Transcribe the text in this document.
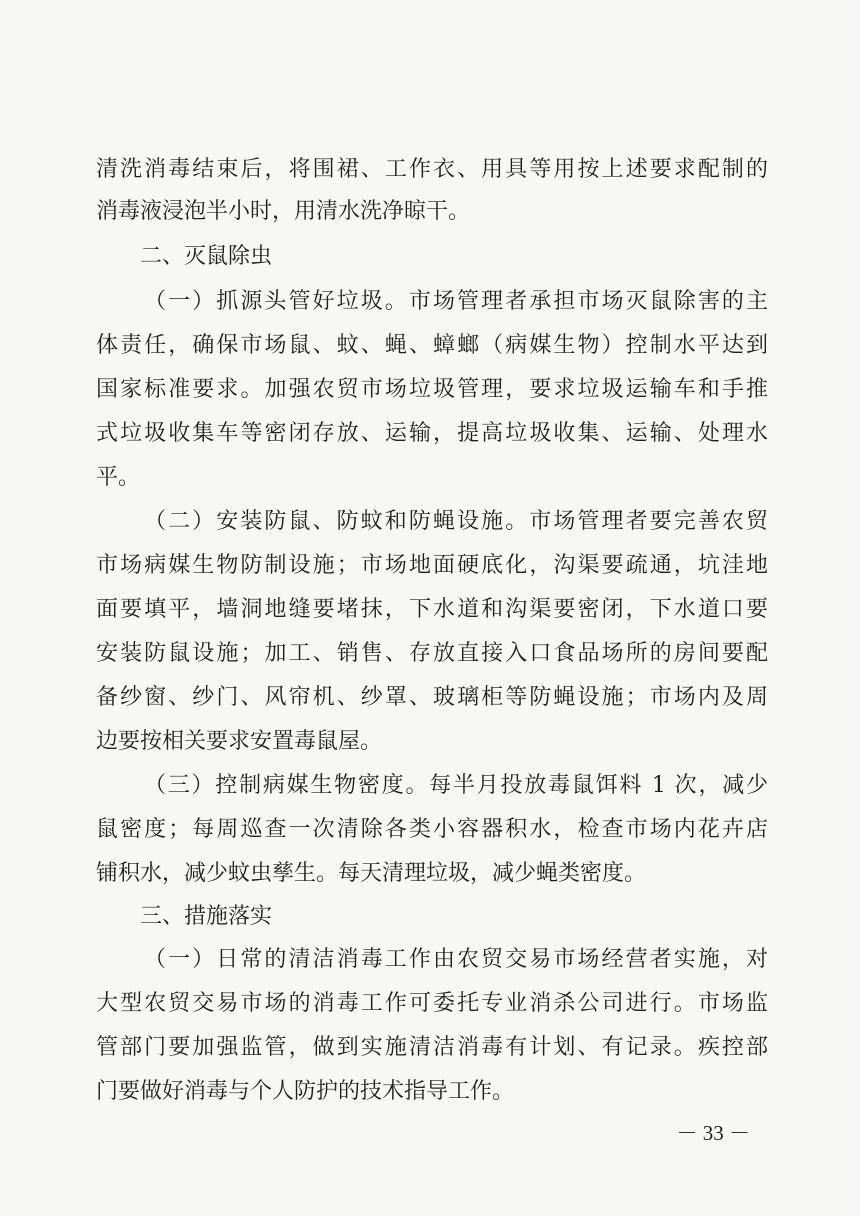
清洗消毒结束后，将围裙、工作衣、用具等用按上述要求配制的
消毒液浸泡半小时，用清水洗净晾干。
二、灭鼠除虫
（一）抓源头管好垃圾。市场管理者承担市场灭鼠除害的主
体责任，确保市场鼠、蚊、蝇、蟑螂（病媒生物）控制水平达到
国家标准要求。加强农贸市场垃圾管理，要求垃圾运输车和手推
式垃圾收集车等密闭存放、运输，提高垃圾收集、运输、处理水
平。
（二）安装防鼠、防蚊和防蝇设施。市场管理者要完善农贸
市场病媒生物防制设施；市场地面硬底化，沟渠要疏通，坑洼地
面要填平，墙洞地缝要堵抹，下水道和沟渠要密闭，下水道口要
安装防鼠设施；加工、销售、存放直接入口食品场所的房间要配
备纱窗、纱门、风帘机、纱罩、玻璃柜等防蝇设施；市场内及周
边要按相关要求安置毒鼠屋。
（三）控制病媒生物密度。每半月投放毒鼠饵料 1 次，减少
鼠密度；每周巡查一次清除各类小容器积水，检查市场内花卉店
铺积水，减少蚊虫孳生。每天清理垃圾，减少蝇类密度。
三、措施落实
（一）日常的清洁消毒工作由农贸交易市场经营者实施，对
大型农贸交易市场的消毒工作可委托专业消杀公司进行。市场监
管部门要加强监管，做到实施清洁消毒有计划、有记录。疾控部
门要做好消毒与个人防护的技术指导工作。
－ 33 －
